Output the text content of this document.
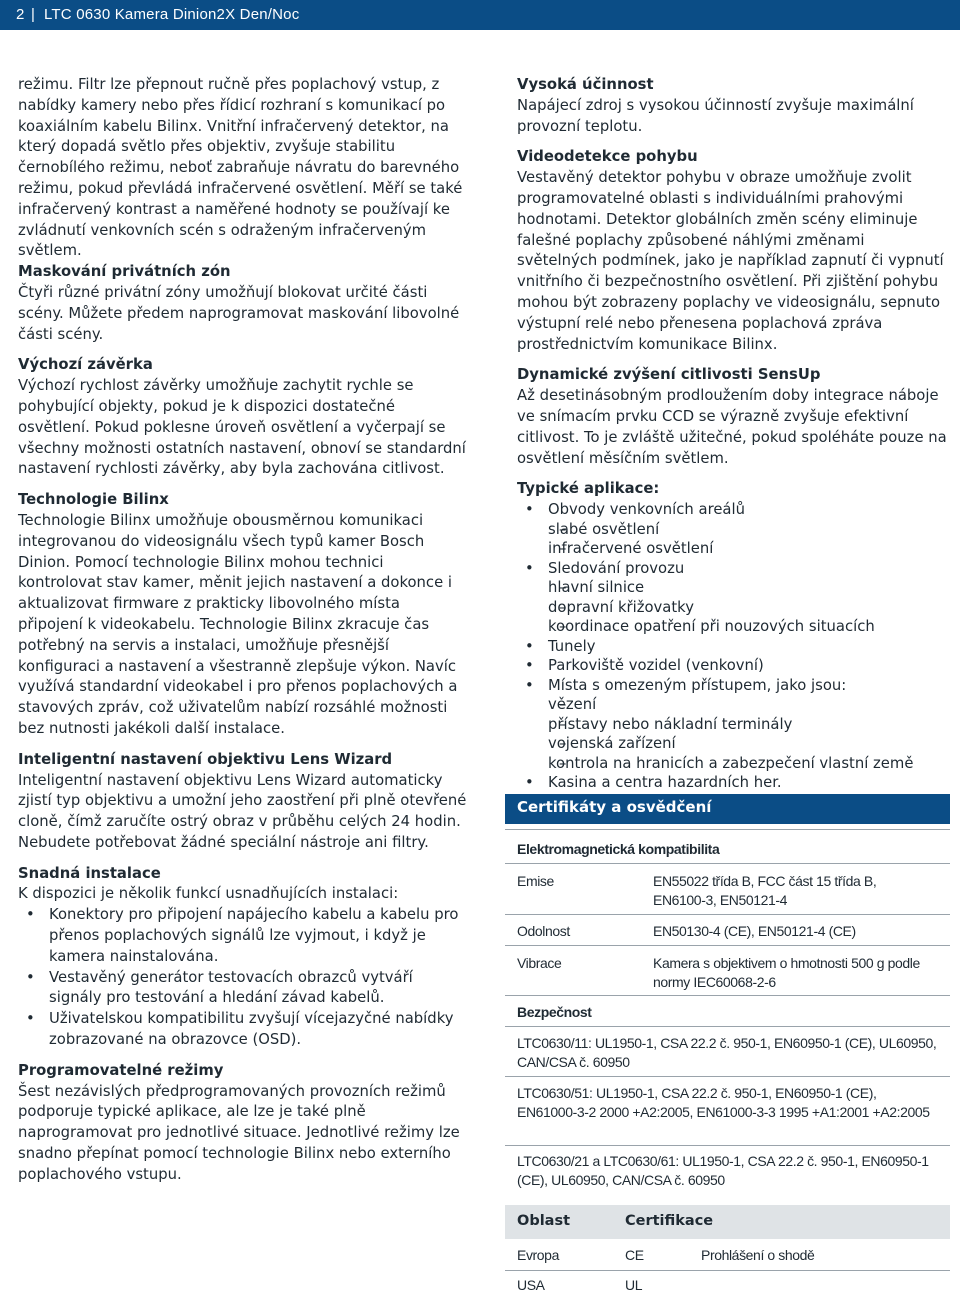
2 | LTC 0630 Kamera Dinion2X Den/Noc

režimu. Filtr lze přepnout ručně přes poplachový vstup, z nabídky kamery nebo přes řídicí rozhraní s komunikací po koaxiálním kabelu Bilinx. Vnitřní infračervený detektor, na který dopadá světlo přes objektiv, zvyšuje stabilitu černobílého režimu, neboť zabraňuje návratu do barevného režimu, pokud převládá infračervené osvětlení. Měří se také infračervený kontrast a naměřené hodnoty se používají ke zvládnutí venkovních scén s odraženým infračerveným světlem.

Maskování privátních zón

Čtyři různé privátní zóny umožňují blokovat určité části scény. Můžete předem naprogramovat maskování libovolné části scény.

Výchozí závěrka

Výchozí rychlost závěrky umožňuje zachytit rychle se pohybující objekty, pokud je k dispozici dostatečné osvětlení. Pokud poklesne úroveň osvětlení a vyčerpají se všechny možnosti ostatních nastavení, obnoví se standardní nastavení rychlosti závěrky, aby byla zachována citlivost.

Technologie Bilinx

Technologie Bilinx umožňuje obousměrnou komunikaci integrovanou do videosignálu všech typů kamer Bosch Dinion. Pomocí technologie Bilinx mohou technici kontrolovat stav kamer, měnit jejich nastavení a dokonce i aktualizovat firmware z prakticky libovolného místa připojení k videokabelu. Technologie Bilinx zkracuje čas potřebný na servis a instalaci, umožňuje přesnější konfiguraci a nastavení a všestranně zlepšuje výkon. Navíc využívá standardní videokabel i pro přenos poplachových a stavových zpráv, což uživatelům nabízí rozsáhlé možnosti bez nutnosti jakékoli další instalace.

Inteligentní nastavení objektivu Lens Wizard

Inteligentní nastavení objektivu Lens Wizard automaticky zjistí typ objektivu a umožní jeho zaostření při plně otevřené cloně, čímž zaručíte ostrý obraz v průběhu celých 24 hodin. Nebudete potřebovat žádné speciální nástroje ani filtry.

Snadná instalace

K dispozici je několik funkcí usnadňujících instalaci:

• Konektory pro připojení napájecího kabelu a kabelu pro přenos poplachových signálů lze vyjmout, i když je kamera nainstalována.
• Vestavěný generátor testovacích obrazců vytváří signály pro testování a hledání závad kabelů.
• Uživatelskou kompatibilitu zvyšují vícejazyčné nabídky zobrazované na obrazovce (OSD).

Programovatelné režimy

Šest nezávislých předprogramovaných provozních režimů podporuje typické aplikace, ale lze je také plně naprogramovat pro jednotlivé situace. Jednotlivé režimy lze snadno přepínat pomocí technologie Bilinx nebo externího poplachového vstupu.

Vysoká účinnost

Napájecí zdroj s vysokou účinností zvyšuje maximální provozní teplotu.

Videodetekce pohybu

Vestavěný detektor pohybu v obraze umožňuje zvolit programovatelné oblasti s individuálními prahovými hodnotami. Detektor globálních změn scény eliminuje falešné poplachy způsobené náhlými změnami světelných podmínek, jako je například zapnutí či vypnutí vnitřního či bezpečnostního osvětlení. Při zjištění pohybu mohou být zobrazeny poplachy ve videosignálu, sepnuto výstupní relé nebo přenesena poplachová zpráva prostřednictvím komunikace Bilinx.

Dynamické zvýšení citlivosti SensUp

Až desetinásobným prodloužením doby integrace náboje ve snímacím prvku CCD se výrazně zvyšuje efektivní citlivost. To je zvláště užitečné, pokud spoléháte pouze na osvětlení měsíčním světlem.

Typické aplikace:

• Obvody venkovních areálů
– slabé osvětlení
– infračervené osvětlení
• Sledování provozu
– hlavní silnice
– dopravní křižovatky
– koordinace opatření při nouzových situacích
• Tunely
• Parkoviště vozidel (venkovní)
• Místa s omezeným přístupem, jako jsou:
– vězení
– přístavy nebo nákladní terminály
– vojenská zařízení
– kontrola na hranicích a zabezpečení vlastní země
• Kasina a centra hazardních her.
Certifikáty a osvědčení
Elektromagnetická kompatibilita
Emise	EN55022 třída B, FCC část 15 třída B, EN6100-3, EN50121-4
Odolnost	EN50130-4 (CE), EN50121-4 (CE)
Vibrace	Kamera s objektivem o hmotnosti 500 g podle normy IEC60068-2-6
Bezpečnost
LTC0630/11: UL1950-1, CSA 22.2 č. 950-1, EN60950-1 (CE), UL60950, CAN/CSA č. 60950
LTC0630/51: UL1950-1, CSA 22.2 č. 950-1, EN60950-1 (CE), EN61000-3-2 2000 +A2:2005, EN61000-3-3 1995 +A1:2001 +A2:2005
LTC0630/21 a LTC0630/61: UL1950-1, CSA 22.2 č. 950-1, EN60950-1 (CE), UL60950, CAN/CSA č. 60950
Oblast	Certifikace
Evropa	CE	Prohlášení o shodě
USA	UL
